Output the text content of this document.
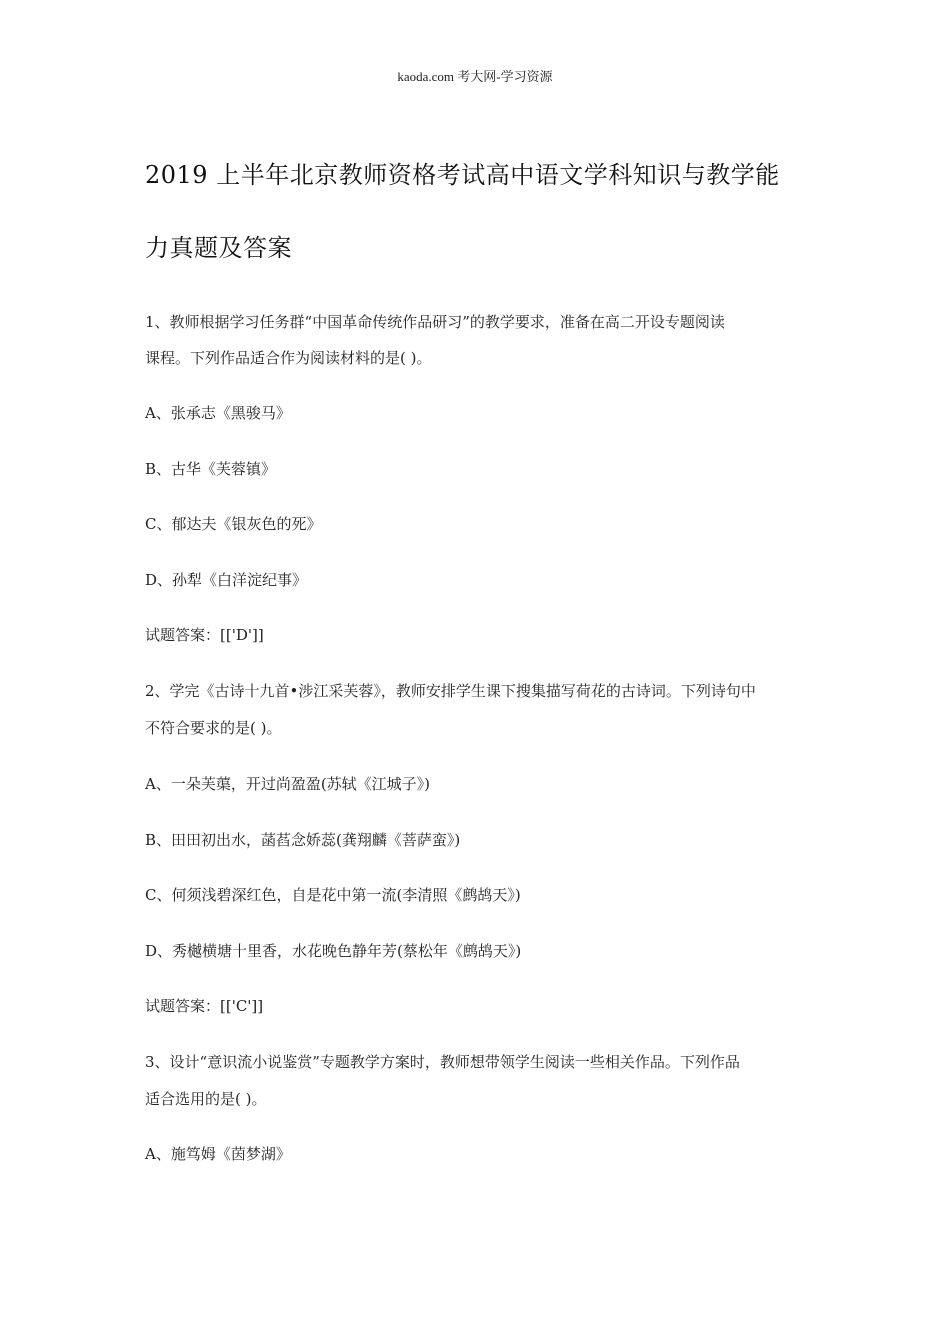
kaoda.com 考大网-学习资源
2019 上半年北京教师资格考试高中语文学科知识与教学能
力真题及答案
1、教师根据学习任务群“中国革命传统作品研习”的教学要求，准备在高二开设专题阅读
课程。下列作品适合作为阅读材料的是( )。
A、张承志《黑骏马》
B、古华《芙蓉镇》
C、郁达夫《银灰色的死》
D、孙犁《白洋淀纪事》
试题答案：[['D']]
2、学完《古诗十九首•涉江采芙蓉》，教师安排学生课下搜集描写荷花的古诗词。下列诗句中
不符合要求的是( )。
A、一朵芙蕖，开过尚盈盈(苏轼《江城子》)
B、田田初出水，菡萏念娇蕊(龚翔麟《菩萨蛮》)
C、何须浅碧深红色，自是花中第一流(李清照《鹧鸪天》)
D、秀樾横塘十里香，水花晚色静年芳(蔡松年《鹧鸪天》)
试题答案：[['C']]
3、设计“意识流小说鉴赏”专题教学方案时，教师想带领学生阅读一些相关作品。下列作品
适合选用的是( )。
A、施笃姆《茵梦湖》
